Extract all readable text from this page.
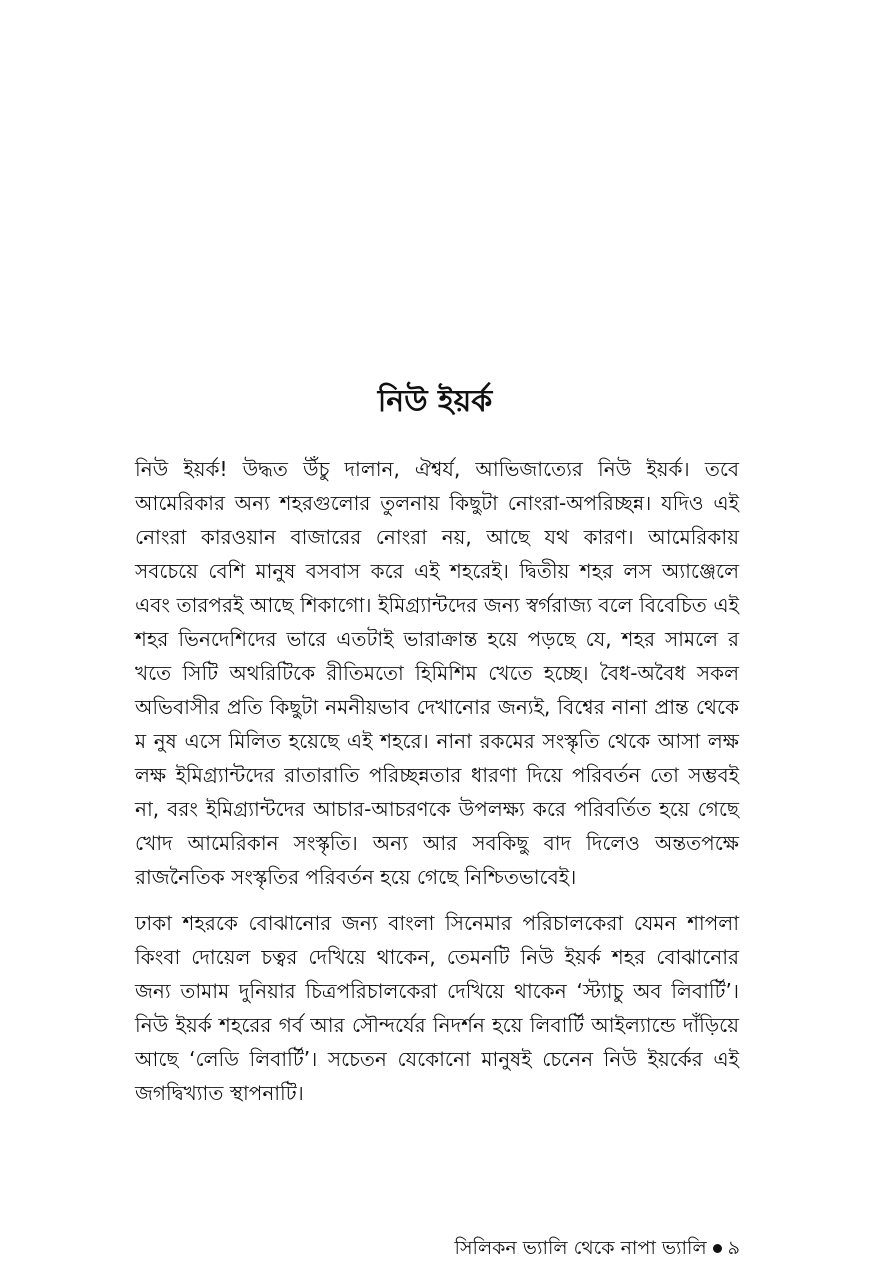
নিউ ইয়র্ক

নিউ ইয়র্ক! উদ্ধত উঁচু দালান, ঐশ্বর্য, আভিজাত্যের নিউ ইয়র্ক। তবে আমেরিকার অন্য শহরগুলোর তুলনায় কিছুটা নোংরা-অপরিচ্ছন্ন। যদিও এই নোংরা কারওয়ান বাজারের নোংরা নয়, আছে যথ কারণ। আমেরিকায় সবচেয়ে বেশি মানুষ বসবাস করে এই শহরেই। দ্বিতীয় শহর লস অ্যাঞ্জেলে এবং তারপরই আছে শিকাগো। ইমিগ্র্যান্টদের জন্য স্বর্গরাজ্য বলে বিবেচিত এই শহর ভিনদেশিদের ভারে এতটাই ভারাক্রান্ত হয়ে পড়ছে যে, শহর সামলে র খতে সিটি অথরিটিকে রীতিমতো হিমিশিম খেতে হচ্ছে। বৈধ-অবৈধ সকল অভিবাসীর প্রতি কিছুটা নমনীয়ভাব দেখানোর জন্যই, বিশ্বের নানা প্রান্ত থেকে ম নুষ এসে মিলিত হয়েছে এই শহরে। নানা রকমের সংস্কৃতি থেকে আসা লক্ষ লক্ষ ইমিগ্র্যান্টদের রাতারাতি পরিচ্ছন্নতার ধারণা দিয়ে পরিবর্তন তো সম্ভবই না, বরং ইমিগ্র্যান্টদের আচার-আচরণকে উপলক্ষ্য করে পরিবর্তিত হয়ে গেছে খোদ আমেরিকান সংস্কৃতি। অন্য আর সবকিছু বাদ দিলেও অন্ততপক্ষে রাজনৈতিক সংস্কৃতির পরিবর্তন হয়ে গেছে নিশ্চিতভাবেই।

ঢাকা শহরকে বোঝানোর জন্য বাংলা সিনেমার পরিচালকেরা যেমন শাপলা কিংবা দোয়েল চত্বর দেখিয়ে থাকেন, তেমনটি নিউ ইয়র্ক শহর বোঝানোর জন্য তামাম দুনিয়ার চিত্রপরিচালকেরা দেখিয়ে থাকেন ‘স্ট্যাচু অব লিবার্টি’। নিউ ইয়র্ক শহরের গর্ব আর সৌন্দর্যের নিদর্শন হয়ে লিবার্টি আইল্যান্ডে দাঁড়িয়ে আছে ‘লেডি লিবার্টি’। সচেতন যেকোনো মানুষই চেনেন নিউ ইয়র্কের এই জগদ্বিখ্যাত স্থাপনাটি।

সিলিকন ভ্যালি থেকে নাপা ভ্যালি ৯
